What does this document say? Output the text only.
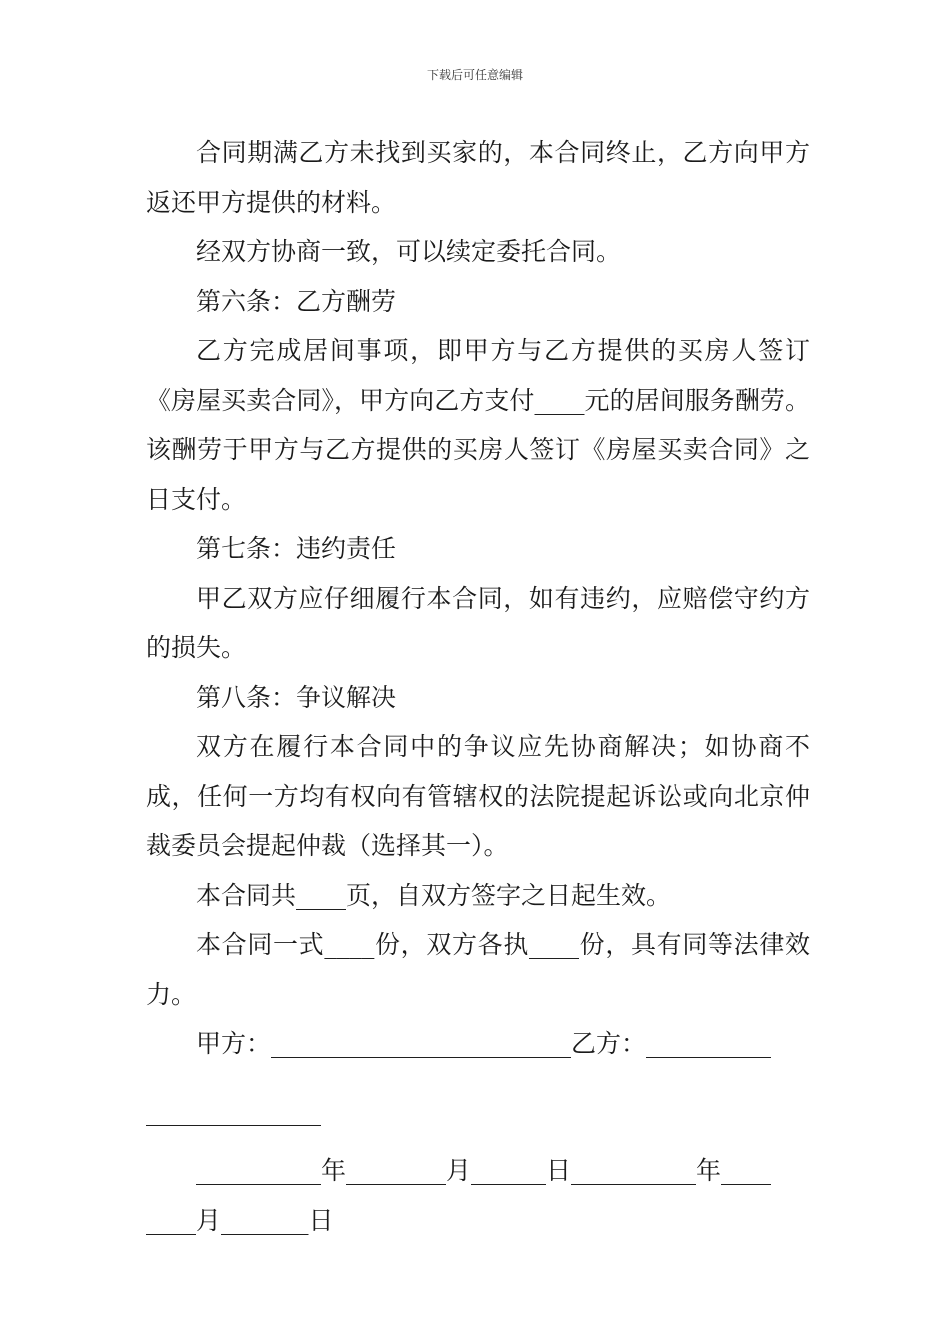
下载后可任意编辑

合同期满乙方未找到买家的，本合同终止，乙方向甲方返还甲方提供的材料。

经双方协商一致，可以续定委托合同。

第六条：乙方酬劳

乙方完成居间事项，即甲方与乙方提供的买房人签订《房屋买卖合同》，甲方向乙方支付____元的居间服务酬劳。该酬劳于甲方与乙方提供的买房人签订《房屋买卖合同》之日支付。

第七条：违约责任

甲乙双方应仔细履行本合同，如有违约，应赔偿守约方的损失。

第八条：争议解决

双方在履行本合同中的争议应先协商解决；如协商不成，任何一方均有权向有管辖权的法院提起诉讼或向北京仲裁委员会提起仲裁（选择其一）。

本合同共____页，自双方签字之日起生效。

本合同一式____份，双方各执____份，具有同等法律效力。

甲方：________________________乙方：__________

______________

__________年________月______日__________年____

____月_______日
